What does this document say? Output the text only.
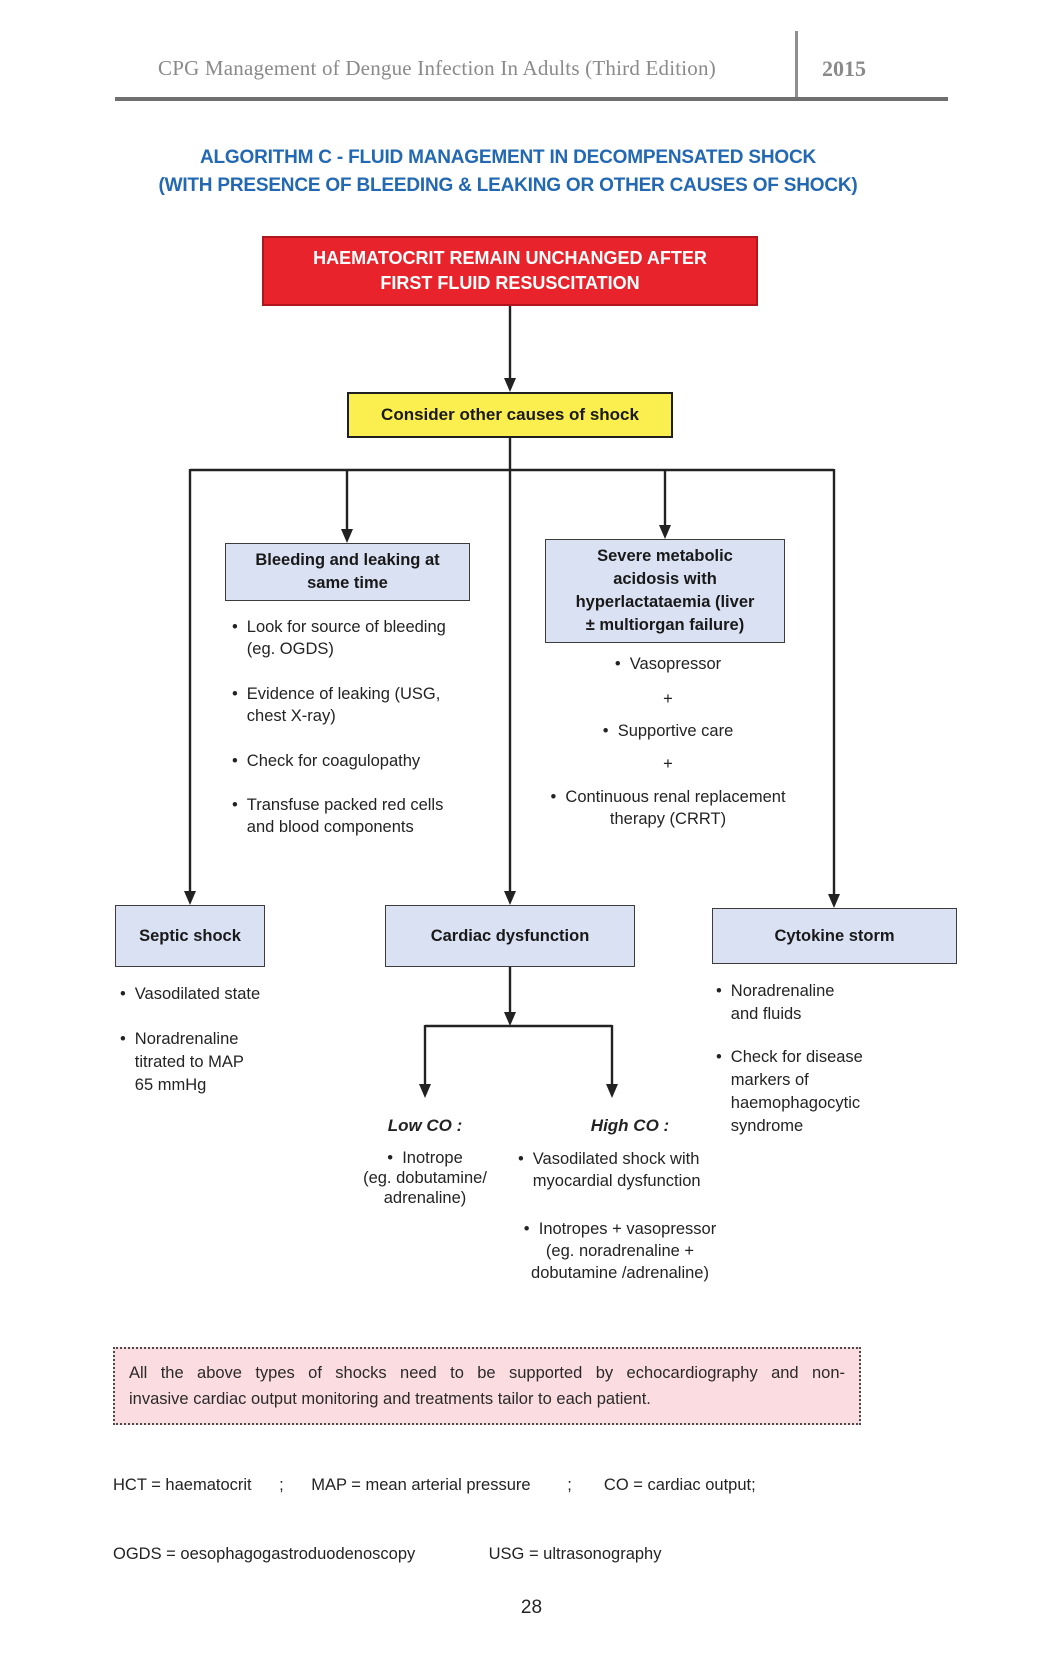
CPG Management of Dengue Infection In Adults (Third Edition)	2015
ALGORITHM C - FLUID MANAGEMENT IN DECOMPENSATED SHOCK
(WITH PRESENCE OF BLEEDING & LEAKING OR OTHER CAUSES OF SHOCK)
HAEMATOCRIT REMAIN UNCHANGED AFTER
FIRST FLUID RESUSCITATION
Consider other causes of shock
Bleeding and leaking at
same time
• Look for source of bleeding
(eg. OGDS)
• Evidence of leaking (USG,
chest X-ray)
• Check for coagulopathy
• Transfuse packed red cells
and blood components
Severe metabolic
acidosis with
hyperlactataemia (liver
± multiorgan failure)
• Vasopressor
+
• Supportive care
+
• Continuous renal replacement
therapy (CRRT)
Septic shock
• Vasodilated state
• Noradrenaline
titrated to MAP
65 mmHg
Cardiac dysfunction
Low CO :	High CO :
• Inotrope
(eg. dobutamine/
adrenaline)
• Vasodilated shock with
myocardial dysfunction
• Inotropes + vasopressor
(eg. noradrenaline +
dobutamine /adrenaline)
Cytokine storm
• Noradrenaline
and fluids
• Check for disease
markers of
haemophagocytic
syndrome
All the above types of shocks need to be supported by echocardiography and non-
invasive cardiac output monitoring and treatments tailor to each patient.

HCT = haematocrit      ;      MAP = mean arterial pressure        ;       CO = cardiac output;

OGDS = oesophagogastroduodenoscopy                USG = ultrasonography

28
